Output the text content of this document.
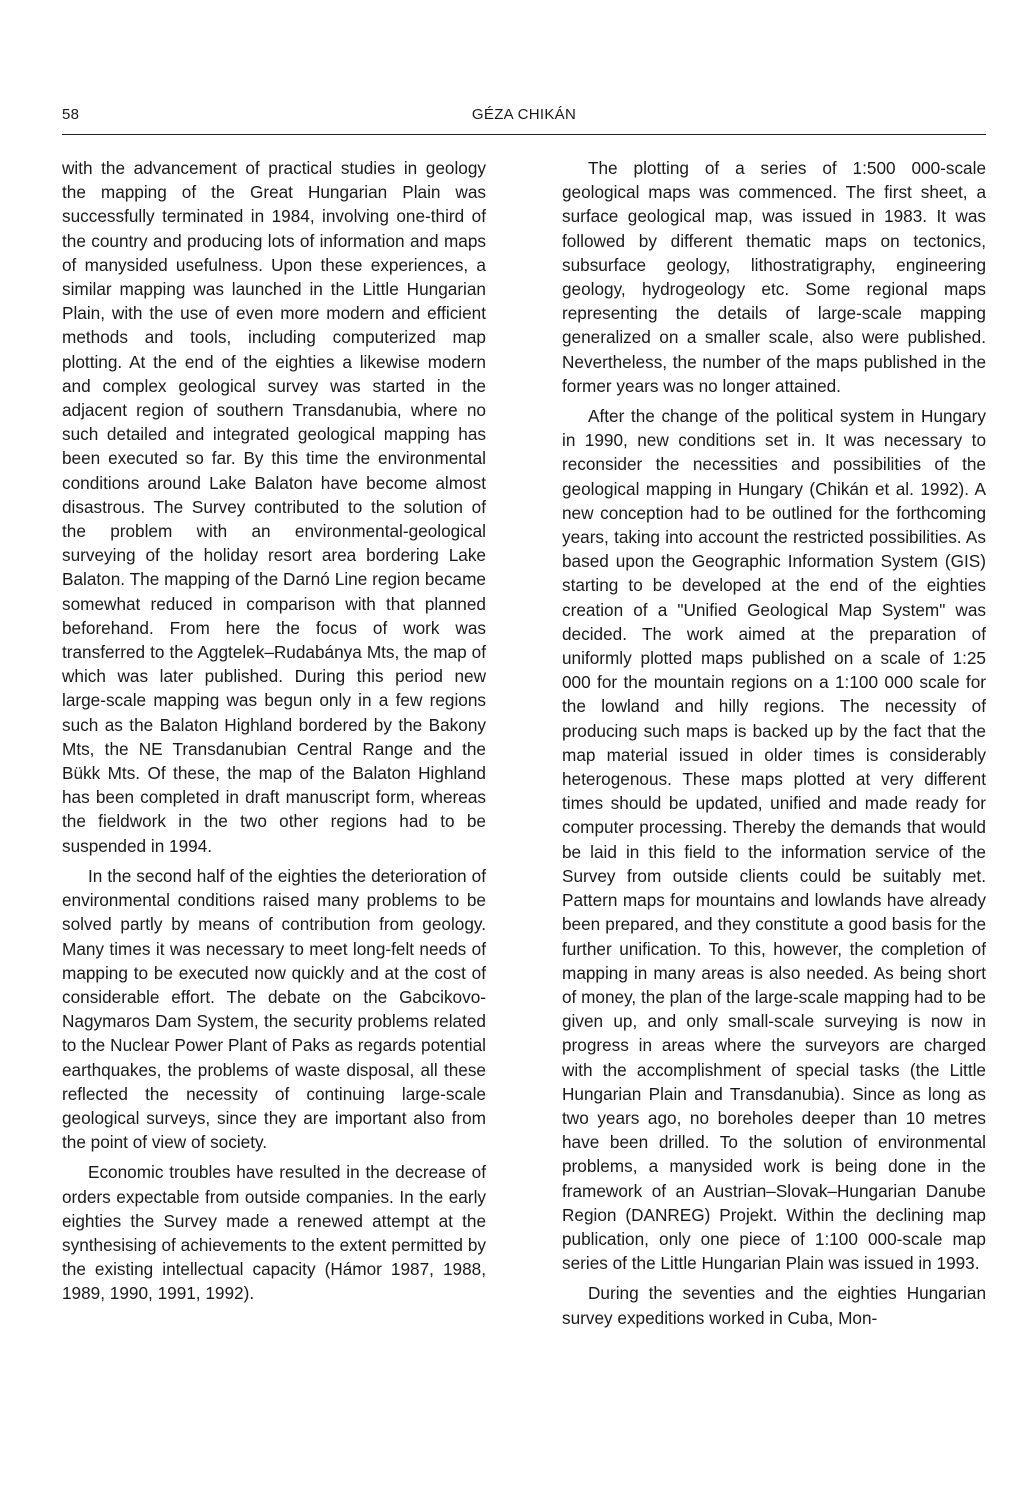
58	GÉZA CHIKÁN

with the advancement of practical studies in geology the mapping of the Great Hungarian Plain was successfully terminated in 1984, involving one-third of the country and producing lots of information and maps of manysided usefulness. Upon these experiences, a similar mapping was launched in the Little Hungarian Plain, with the use of even more modern and efficient methods and tools, including computerized map plotting. At the end of the eighties a likewise modern and complex geological survey was started in the adjacent region of southern Transdanubia, where no such detailed and integrated geological mapping has been executed so far. By this time the environmental conditions around Lake Balaton have become almost disastrous. The Survey contributed to the solution of the problem with an environmental-geological surveying of the holiday resort area bordering Lake Balaton. The mapping of the Darnó Line region became somewhat reduced in comparison with that planned beforehand. From here the focus of work was transferred to the Aggtelek–Rudabánya Mts, the map of which was later published. During this period new large-scale mapping was begun only in a few regions such as the Balaton Highland bordered by the Bakony Mts, the NE Transdanubian Central Range and the Bükk Mts. Of these, the map of the Balaton Highland has been completed in draft manuscript form, whereas the fieldwork in the two other regions had to be suspended in 1994.

In the second half of the eighties the deterioration of environmental conditions raised many problems to be solved partly by means of contribution from geology. Many times it was necessary to meet long-felt needs of mapping to be executed now quickly and at the cost of considerable effort. The debate on the Gabcikovo-Nagymaros Dam System, the security problems related to the Nuclear Power Plant of Paks as regards potential earthquakes, the problems of waste disposal, all these reflected the necessity of continuing large-scale geological surveys, since they are important also from the point of view of society.

Economic troubles have resulted in the decrease of orders expectable from outside companies. In the early eighties the Survey made a renewed attempt at the synthesising of achievements to the extent permitted by the existing intellectual capacity (Hámor 1987, 1988, 1989, 1990, 1991, 1992).

The plotting of a series of 1:500 000-scale geological maps was commenced. The first sheet, a surface geological map, was issued in 1983. It was followed by different thematic maps on tectonics, subsurface geology, lithostratigraphy, engineering geology, hydrogeology etc. Some regional maps representing the details of large-scale mapping generalized on a smaller scale, also were published. Nevertheless, the number of the maps published in the former years was no longer attained.

After the change of the political system in Hungary in 1990, new conditions set in. It was necessary to reconsider the necessities and possibilities of the geological mapping in Hungary (Chikán et al. 1992). A new conception had to be outlined for the forthcoming years, taking into account the restricted possibilities. As based upon the Geographic Information System (GIS) starting to be developed at the end of the eighties creation of a "Unified Geological Map System" was decided. The work aimed at the preparation of uniformly plotted maps published on a scale of 1:25 000 for the mountain regions on a 1:100 000 scale for the lowland and hilly regions. The necessity of producing such maps is backed up by the fact that the map material issued in older times is considerably heterogenous. These maps plotted at very different times should be updated, unified and made ready for computer processing. Thereby the demands that would be laid in this field to the information service of the Survey from outside clients could be suitably met. Pattern maps for mountains and lowlands have already been prepared, and they constitute a good basis for the further unification. To this, however, the completion of mapping in many areas is also needed. As being short of money, the plan of the large-scale mapping had to be given up, and only small-scale surveying is now in progress in areas where the surveyors are charged with the accomplishment of special tasks (the Little Hungarian Plain and Transdanubia). Since as long as two years ago, no boreholes deeper than 10 metres have been drilled. To the solution of environmental problems, a manysided work is being done in the framework of an Austrian–Slovak–Hungarian Danube Region (DANREG) Projekt. Within the declining map publication, only one piece of 1:100 000-scale map series of the Little Hungarian Plain was issued in 1993.

During the seventies and the eighties Hungarian survey expeditions worked in Cuba, Mon-
